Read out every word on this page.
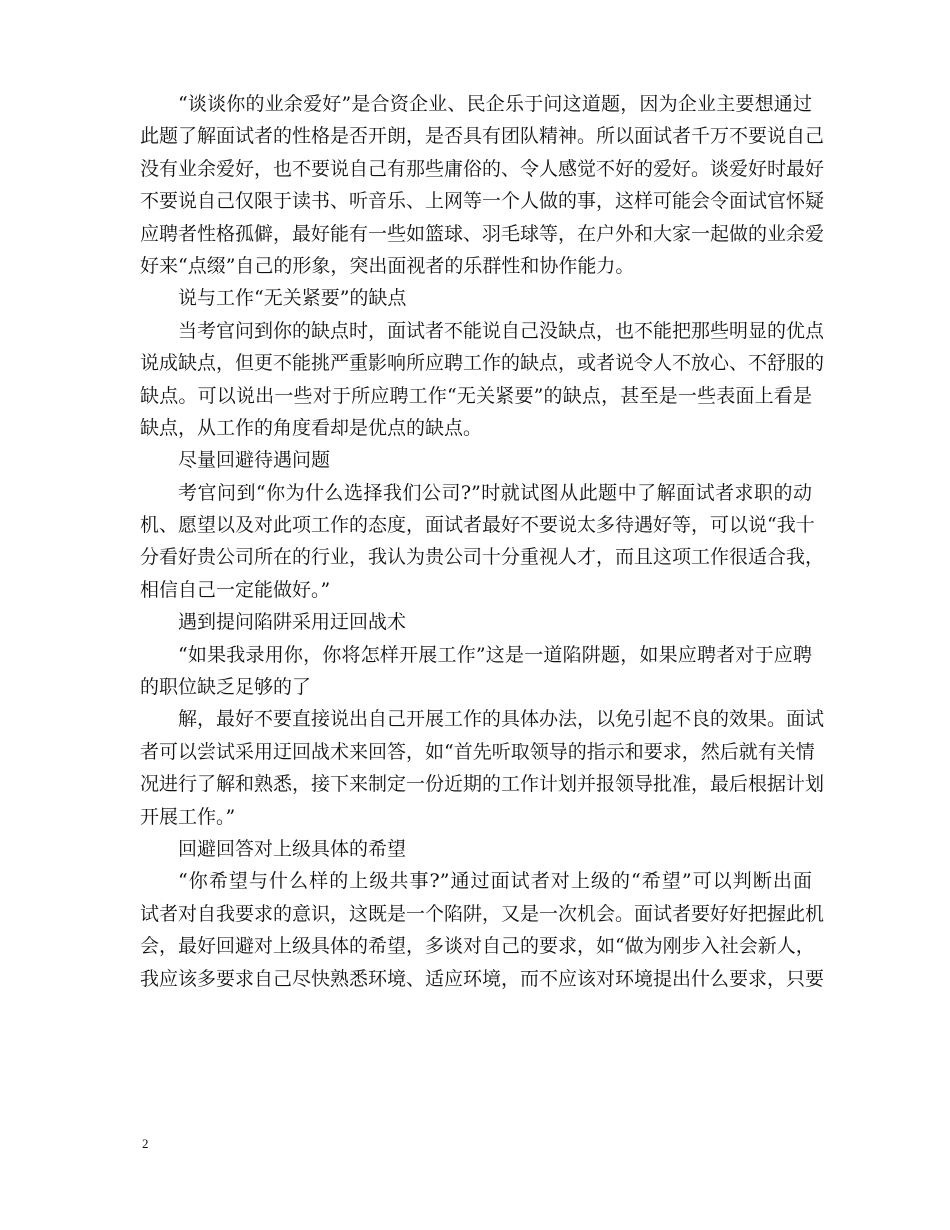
“谈谈你的业余爱好”是合资企业、民企乐于问这道题，因为企业主要想通过
此题了解面试者的性格是否开朗，是否具有团队精神。所以面试者千万不要说自己
没有业余爱好，也不要说自己有那些庸俗的、令人感觉不好的爱好。谈爱好时最好
不要说自己仅限于读书、听音乐、上网等一个人做的事，这样可能会令面试官怀疑
应聘者性格孤僻，最好能有一些如篮球、羽毛球等，在户外和大家一起做的业余爱
好来“点缀”自己的形象，突出面视者的乐群性和协作能力。
说与工作“无关紧要”的缺点
当考官问到你的缺点时，面试者不能说自己没缺点，也不能把那些明显的优点
说成缺点，但更不能挑严重影响所应聘工作的缺点，或者说令人不放心、不舒服的
缺点。可以说出一些对于所应聘工作“无关紧要”的缺点，甚至是一些表面上看是
缺点，从工作的角度看却是优点的缺点。
尽量回避待遇问题
考官问到“你为什么选择我们公司?”时就试图从此题中了解面试者求职的动
机、愿望以及对此项工作的态度，面试者最好不要说太多待遇好等，可以说“我十
分看好贵公司所在的行业，我认为贵公司十分重视人才，而且这项工作很适合我，
相信自己一定能做好。”
遇到提问陷阱采用迂回战术
“如果我录用你，你将怎样开展工作”这是一道陷阱题，如果应聘者对于应聘
的职位缺乏足够的了
解，最好不要直接说出自己开展工作的具体办法，以免引起不良的效果。面试
者可以尝试采用迂回战术来回答，如“首先听取领导的指示和要求，然后就有关情
况进行了解和熟悉，接下来制定一份近期的工作计划并报领导批准，最后根据计划
开展工作。”
回避回答对上级具体的希望
“你希望与什么样的上级共事?”通过面试者对上级的“希望”可以判断出面
试者对自我要求的意识，这既是一个陷阱，又是一次机会。面试者要好好把握此机
会，最好回避对上级具体的希望，多谈对自己的要求，如“做为刚步入社会新人，
我应该多要求自己尽快熟悉环境、适应环境，而不应该对环境提出什么要求，只要
2
